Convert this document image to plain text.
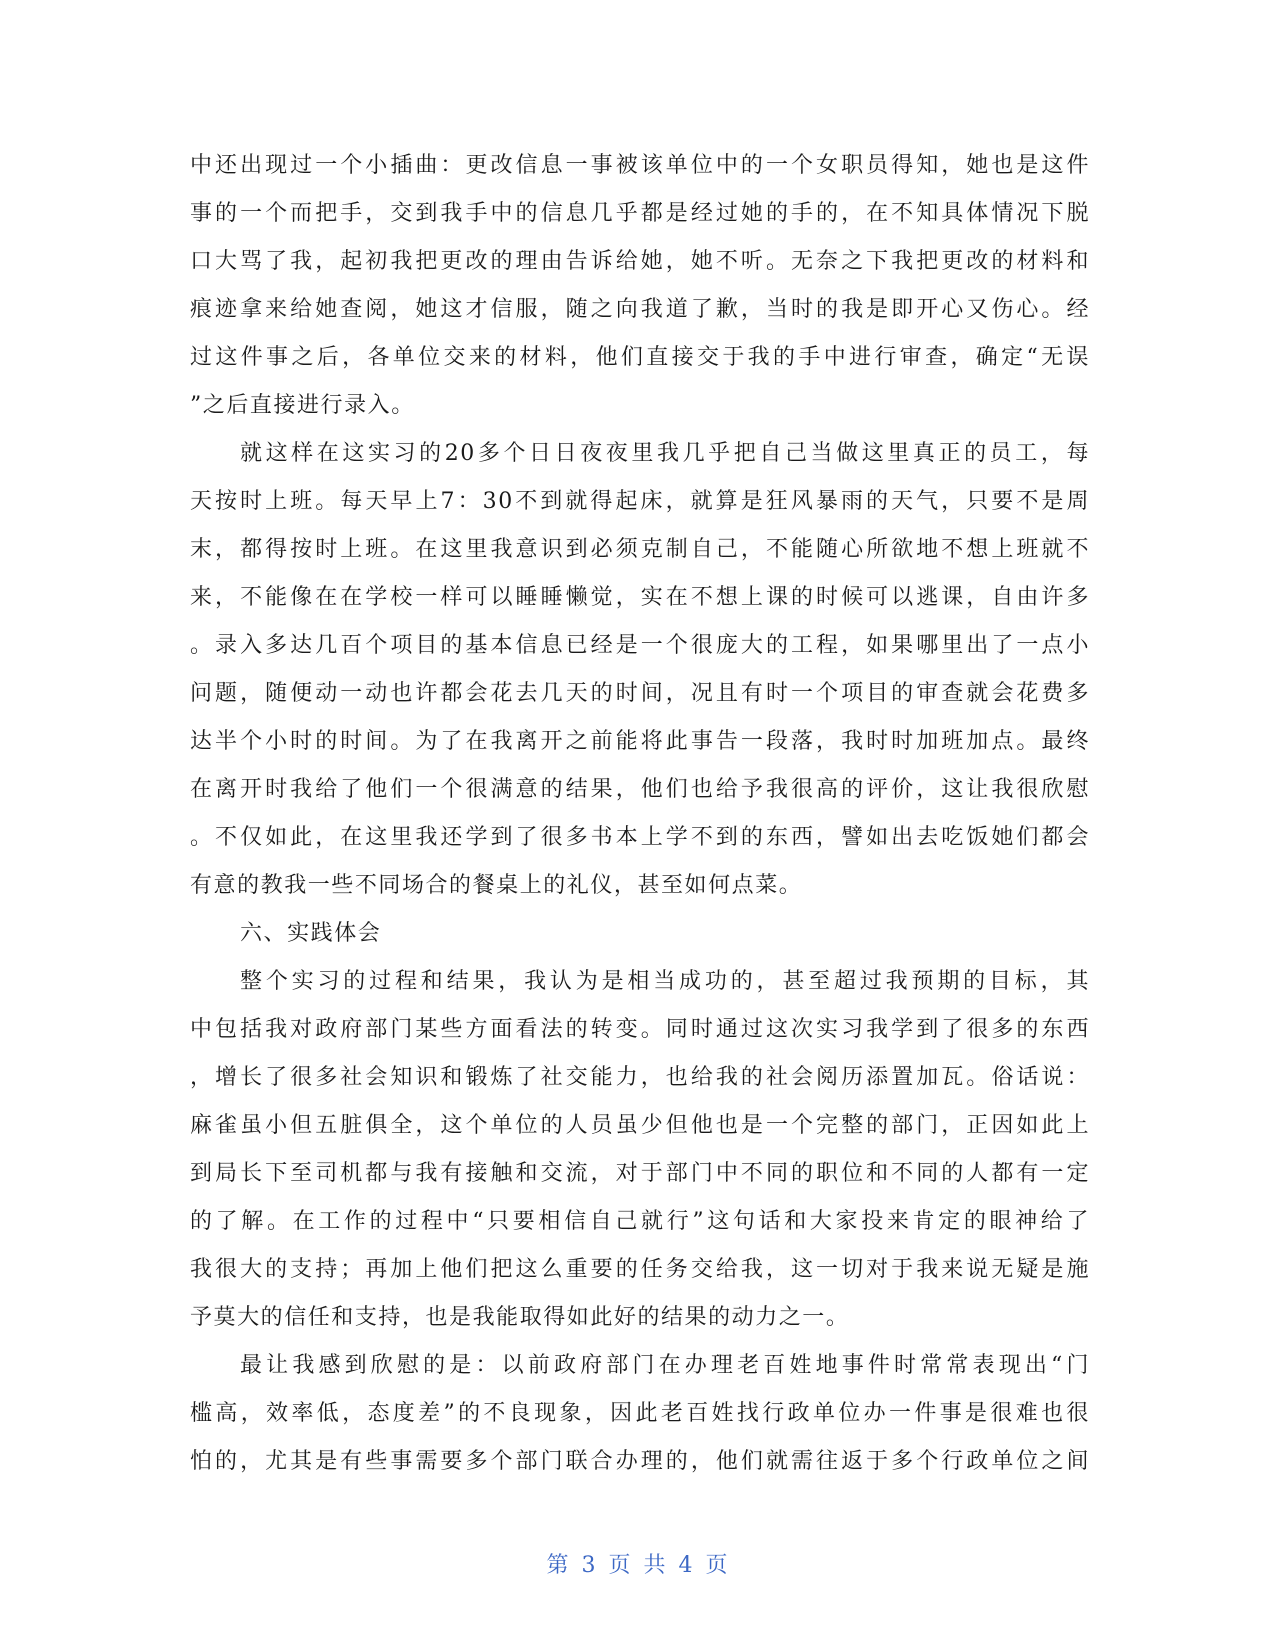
中还出现过一个小插曲：更改信息一事被该单位中的一个女职员得知，她也是这件
事的一个而把手，交到我手中的信息几乎都是经过她的手的，在不知具体情况下脱
口大骂了我，起初我把更改的理由告诉给她，她不听。无奈之下我把更改的材料和
痕迹拿来给她查阅，她这才信服，随之向我道了歉，当时的我是即开心又伤心。经
过这件事之后，各单位交来的材料，他们直接交于我的手中进行审查，确定“无误
”之后直接进行录入。
就这样在这实习的20多个日日夜夜里我几乎把自己当做这里真正的员工，每
天按时上班。每天早上7：30不到就得起床，就算是狂风暴雨的天气，只要不是周
末，都得按时上班。在这里我意识到必须克制自己，不能随心所欲地不想上班就不
来，不能像在在学校一样可以睡睡懒觉，实在不想上课的时候可以逃课，自由许多
。录入多达几百个项目的基本信息已经是一个很庞大的工程，如果哪里出了一点小
问题，随便动一动也许都会花去几天的时间，况且有时一个项目的审查就会花费多
达半个小时的时间。为了在我离开之前能将此事告一段落，我时时加班加点。最终
在离开时我给了他们一个很满意的结果，他们也给予我很高的评价，这让我很欣慰
。不仅如此，在这里我还学到了很多书本上学不到的东西，譬如出去吃饭她们都会
有意的教我一些不同场合的餐桌上的礼仪，甚至如何点菜。
六、实践体会
整个实习的过程和结果，我认为是相当成功的，甚至超过我预期的目标，其
中包括我对政府部门某些方面看法的转变。同时通过这次实习我学到了很多的东西
，增长了很多社会知识和锻炼了社交能力，也给我的社会阅历添置加瓦。俗话说：
麻雀虽小但五脏俱全，这个单位的人员虽少但他也是一个完整的部门，正因如此上
到局长下至司机都与我有接触和交流，对于部门中不同的职位和不同的人都有一定
的了解。在工作的过程中“只要相信自己就行”这句话和大家投来肯定的眼神给了
我很大的支持；再加上他们把这么重要的任务交给我，这一切对于我来说无疑是施
予莫大的信任和支持，也是我能取得如此好的结果的动力之一。
最让我感到欣慰的是：以前政府部门在办理老百姓地事件时常常表现出“门
槛高，效率低，态度差”的不良现象，因此老百姓找行政单位办一件事是很难也很
怕的，尤其是有些事需要多个部门联合办理的，他们就需往返于多个行政单位之间
第 3 页 共 4 页
